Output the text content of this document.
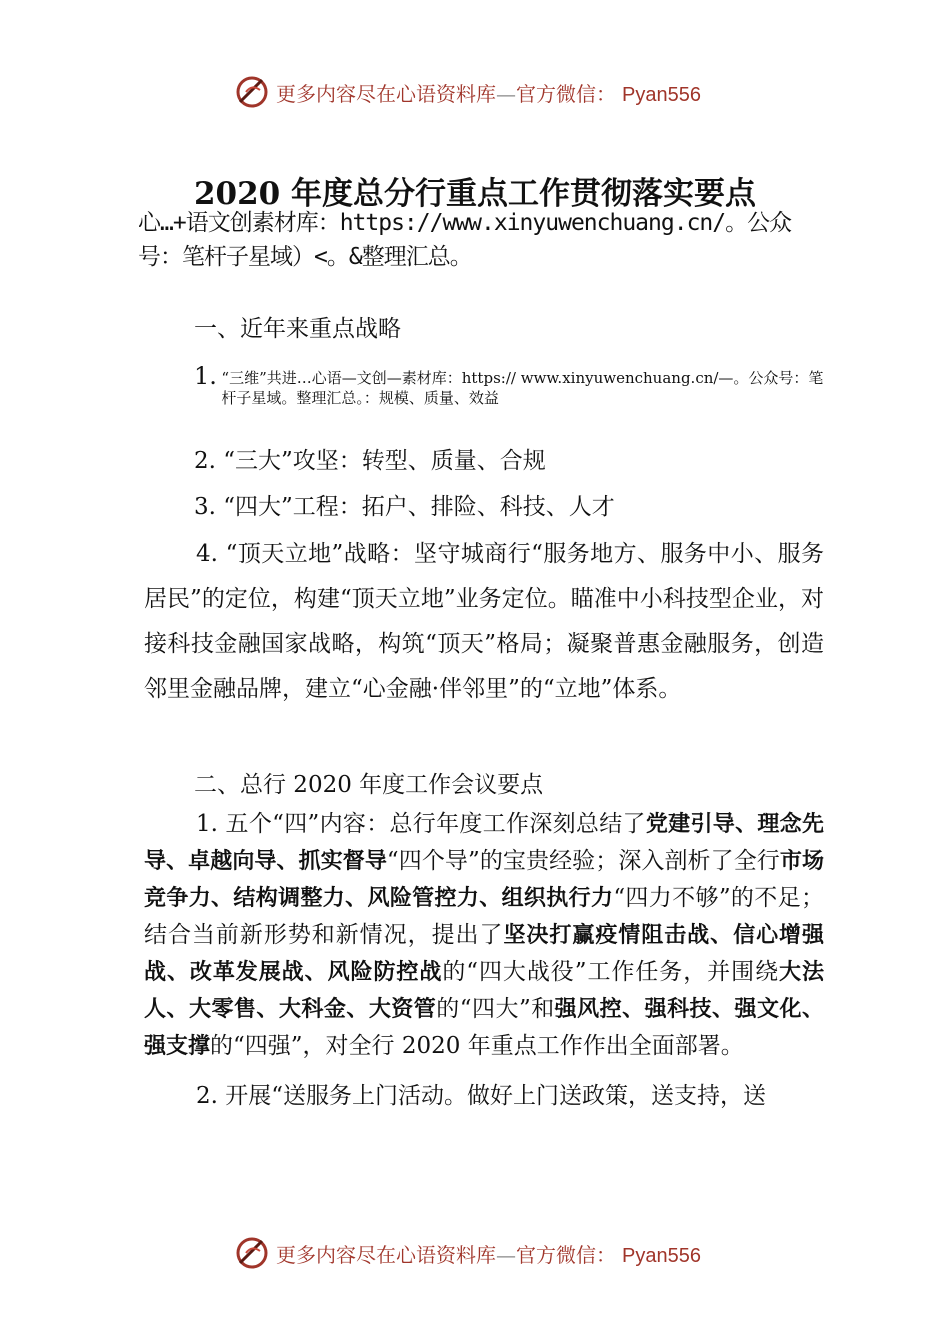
更多内容尽在心语资料库—官方微信： Pyan556
2020 年度总分行重点工作贯彻落实要点
心…+语文创素材库：https://www.xinyuwenchuang.cn/。公众号：笔杆子星域）<。&整理汇总。
一、近年来重点战略
1. “三维”共进…心语—文创—素材库：https:// www.xinyuwenchuang.cn/—。公众号：笔杆子星域。整理汇总。：规模、质量、效益
2. “三大”攻坚：转型、质量、合规
3. “四大”工程：拓户、排险、科技、人才
4. “顶天立地”战略：坚守城商行“服务地方、服务中小、服务居民”的定位，构建“顶天立地”业务定位。瞄准中小科技型企业，对接科技金融国家战略，构筑“顶天”格局；凝聚普惠金融服务，创造邻里金融品牌，建立“心金融·伴邻里”的“立地”体系。
二、总行 2020 年度工作会议要点
1. 五个“四”内容：总行年度工作深刻总结了党建引导、理念先导、卓越向导、抓实督导“四个导”的宝贵经验；深入剖析了全行市场竞争力、结构调整力、风险管控力、组织执行力“四力不够”的不足；结合当前新形势和新情况，提出了坚决打赢疫情阻击战、信心增强战、改革发展战、风险防控战的“四大战役”工作任务，并围绕大法人、大零售、大科金、大资管的“四大”和强风控、强科技、强文化、强支撑的“四强”，对全行 2020 年重点工作作出全面部署。
2. 开展“送服务上门活动。做好上门送政策，送支持，送
更多内容尽在心语资料库—官方微信： Pyan556
